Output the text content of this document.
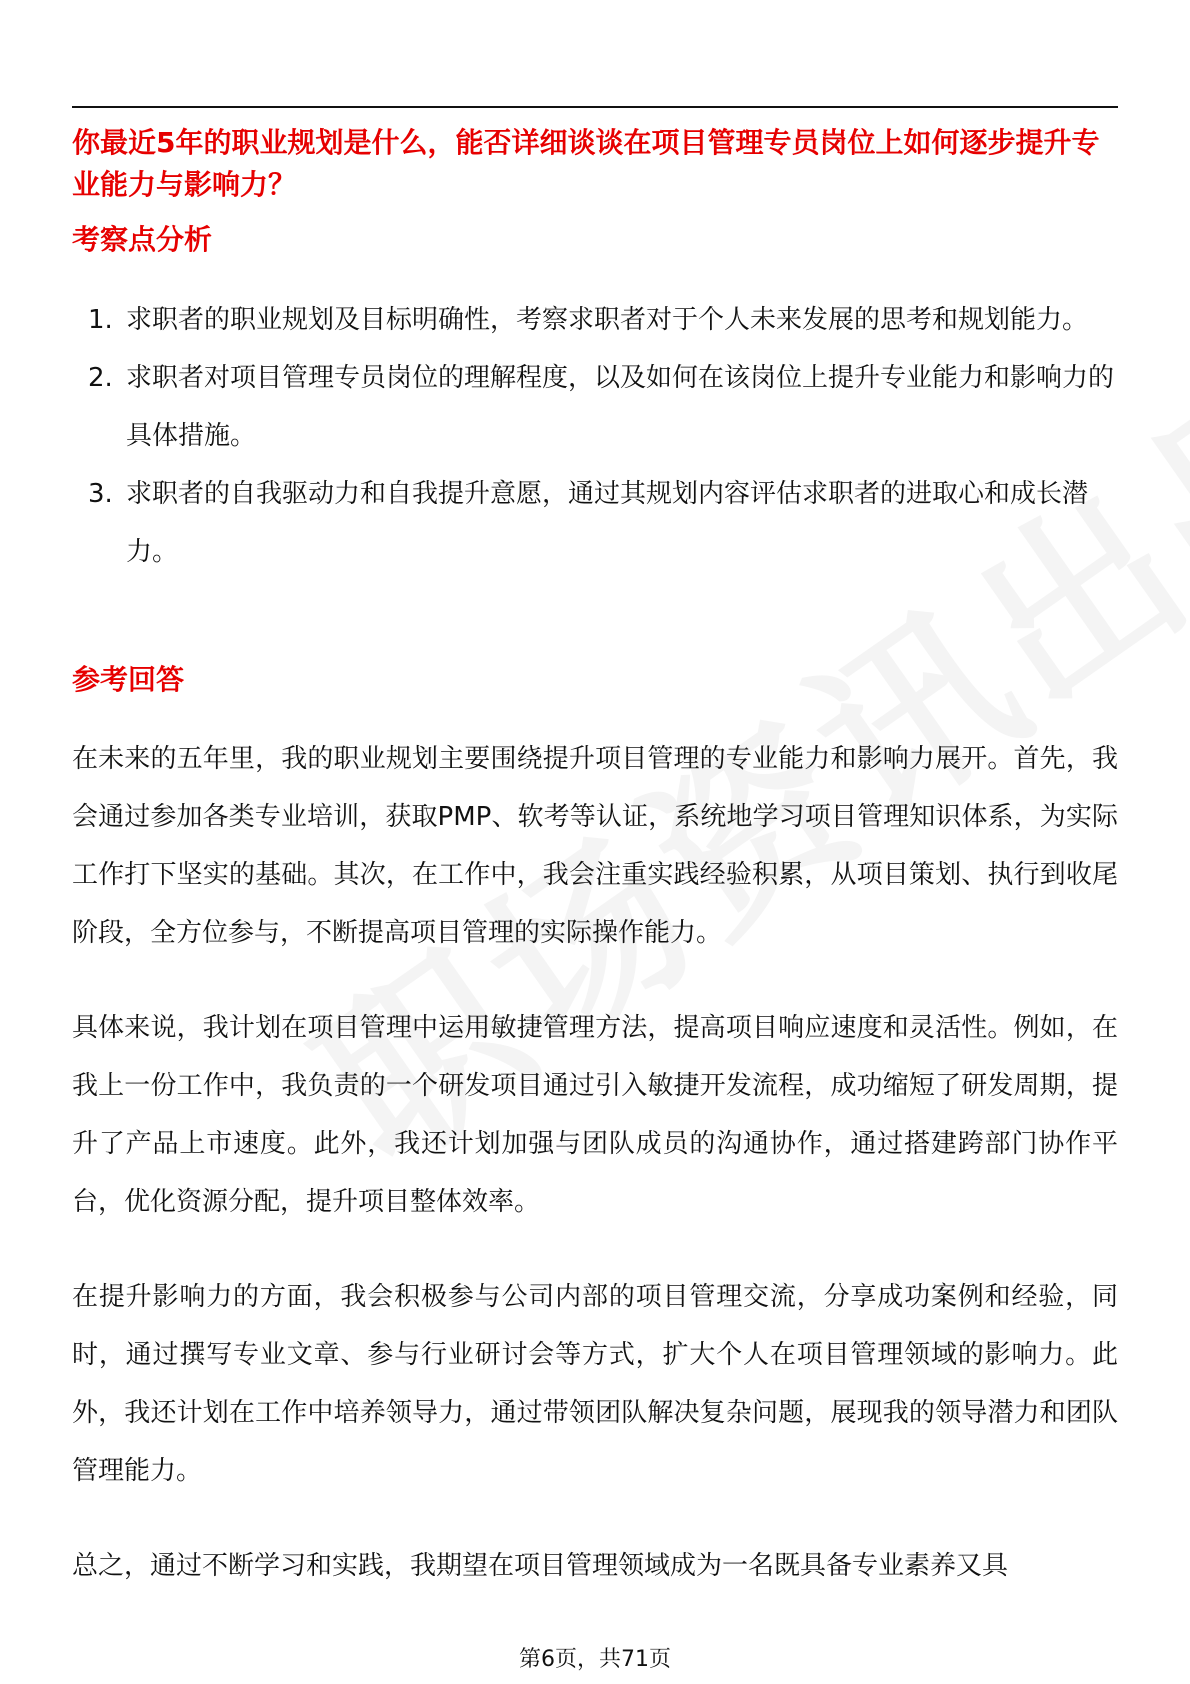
你最近5年的职业规划是什么，能否详细谈谈在项目管理专员岗位上如何逐步提升专业能力与影响力？
考察点分析
1. 求职者的职业规划及目标明确性，考察求职者对于个人未来发展的思考和规划能力。
2. 求职者对项目管理专员岗位的理解程度，以及如何在该岗位上提升专业能力和影响力的具体措施。
3. 求职者的自我驱动力和自我提升意愿，通过其规划内容评估求职者的进取心和成长潜力。
参考回答

在未来的五年里，我的职业规划主要围绕提升项目管理的专业能力和影响力展开。首先，我会通过参加各类专业培训，获取PMP、软考等认证，系统地学习项目管理知识体系，为实际工作打下坚实的基础。其次，在工作中，我会注重实践经验积累，从项目策划、执行到收尾阶段，全方位参与，不断提高项目管理的实际操作能力。

具体来说，我计划在项目管理中运用敏捷管理方法，提高项目响应速度和灵活性。例如，在我上一份工作中，我负责的一个研发项目通过引入敏捷开发流程，成功缩短了研发周期，提升了产品上市速度。此外，我还计划加强与团队成员的沟通协作，通过搭建跨部门协作平台，优化资源分配，提升项目整体效率。

在提升影响力的方面，我会积极参与公司内部的项目管理交流，分享成功案例和经验，同时，通过撰写专业文章、参与行业研讨会等方式，扩大个人在项目管理领域的影响力。此外，我还计划在工作中培养领导力，通过带领团队解决复杂问题，展现我的领导潜力和团队管理能力。

总之，通过不断学习和实践，我期望在项目管理领域成为一名既具备专业素养又具

第6页，共71页
